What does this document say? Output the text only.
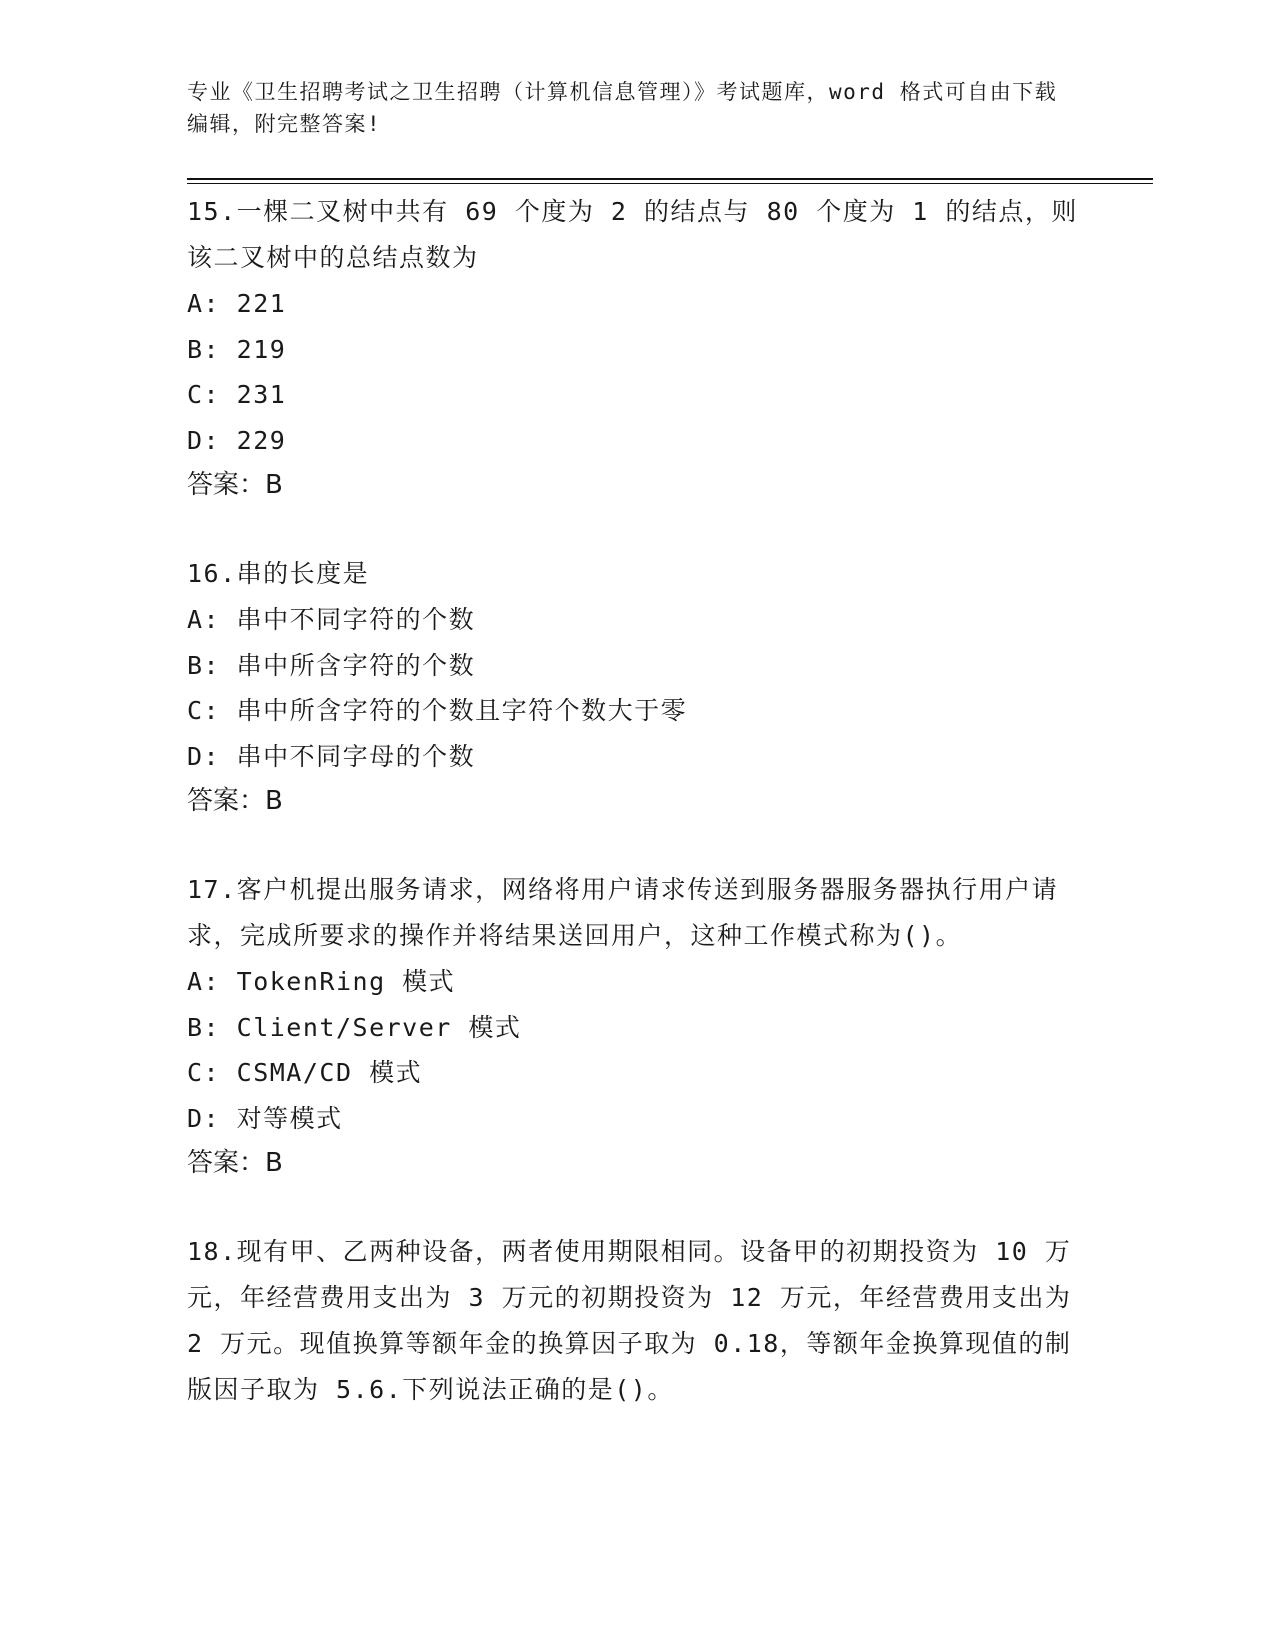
专业《卫生招聘考试之卫生招聘（计算机信息管理）》考试题库，word 格式可自由下载编辑，附完整答案!

15.一棵二叉树中共有 69 个度为 2 的结点与 80 个度为 1 的结点，则该二叉树中的总结点数为

A: 221

B: 219

C: 231

D: 229

答案：B

16.串的长度是

A: 串中不同字符的个数

B: 串中所含字符的个数

C: 串中所含字符的个数且字符个数大于零

D: 串中不同字母的个数

答案：B

17.客户机提出服务请求，网络将用户请求传送到服务器服务器执行用户请求，完成所要求的操作并将结果送回用户，这种工作模式称为()。

A: TokenRing 模式

B: Client/Server 模式

C: CSMA/CD 模式

D: 对等模式

答案：B

18.现有甲、乙两种设备，两者使用期限相同。设备甲的初期投资为 10 万元，年经营费用支出为 3 万元的初期投资为 12 万元，年经营费用支出为 2 万元。现值换算等额年金的换算因子取为 0.18，等额年金换算现值的制版因子取为 5.6.下列说法正确的是()。
